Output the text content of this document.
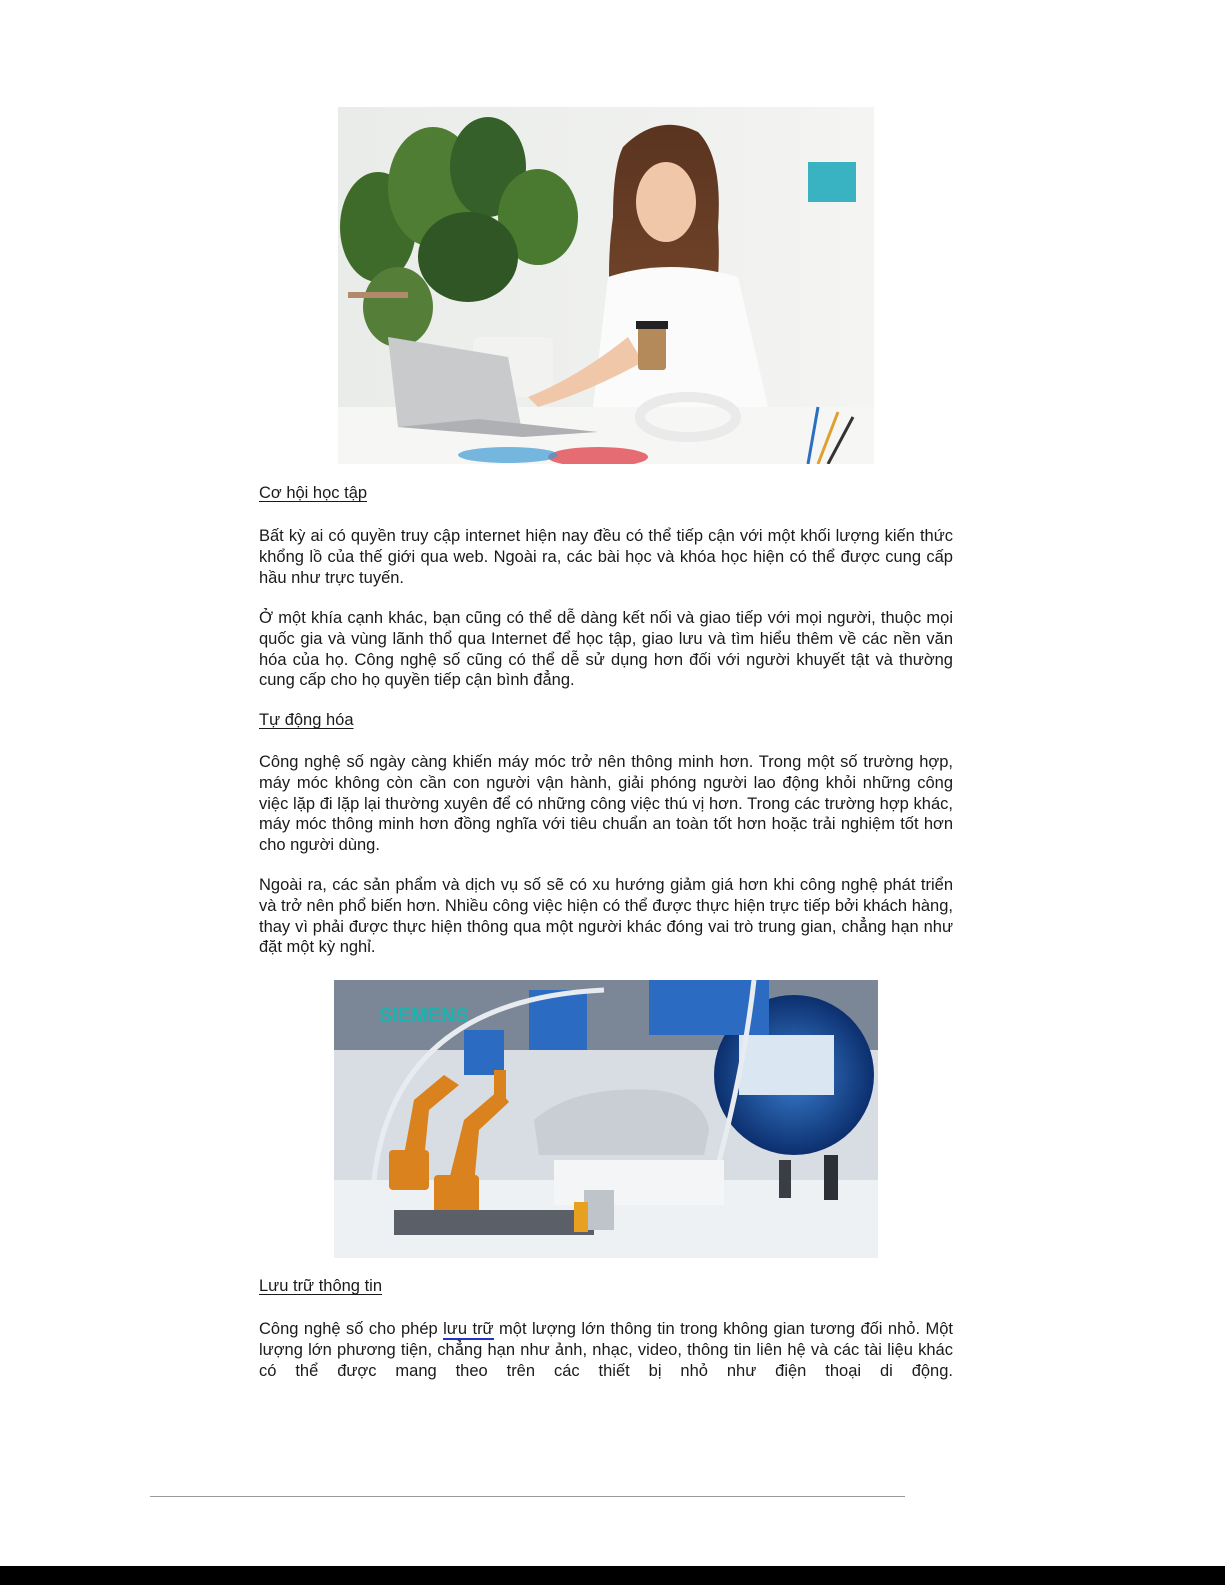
Cơ hội học tập

Bất kỳ ai có quyền truy cập internet hiện nay đều có thể tiếp cận với một khối lượng kiến thức khổng lồ của thế giới qua web. Ngoài ra, các bài học và khóa học hiện có thể được cung cấp hầu như trực tuyến.

Ở một khía cạnh khác, bạn cũng có thể dễ dàng kết nối và giao tiếp với mọi người, thuộc mọi quốc gia và vùng lãnh thổ qua Internet để học tập, giao lưu và tìm hiểu thêm về các nền văn hóa của họ. Công nghệ số cũng có thể dễ sử dụng hơn đối với người khuyết tật và thường cung cấp cho họ quyền tiếp cận bình đẳng.

Tự động hóa

Công nghệ số ngày càng khiến máy móc trở nên thông minh hơn. Trong một số trường hợp, máy móc không còn cần con người vận hành, giải phóng người lao động khỏi những công việc lặp đi lặp lại thường xuyên để có những công việc thú vị hơn. Trong các trường hợp khác, máy móc thông minh hơn đồng nghĩa với tiêu chuẩn an toàn tốt hơn hoặc trải nghiệm tốt hơn cho người dùng.

Ngoài ra, các sản phẩm và dịch vụ số sẽ có xu hướng giảm giá hơn khi công nghệ phát triển và trở nên phổ biến hơn. Nhiều công việc hiện có thể được thực hiện trực tiếp bởi khách hàng, thay vì phải được thực hiện thông qua một người khác đóng vai trò trung gian, chẳng hạn như đặt một kỳ nghỉ.

SIEMENS
Lưu trữ thông tin

Công nghệ số cho phép lưu trữ một lượng lớn thông tin trong không gian tương đối nhỏ. Một lượng lớn phương tiện, chẳng hạn như ảnh, nhạc, video, thông tin liên hệ và các tài liệu khác có thể được mang theo trên các thiết bị nhỏ như điện thoại di động.
